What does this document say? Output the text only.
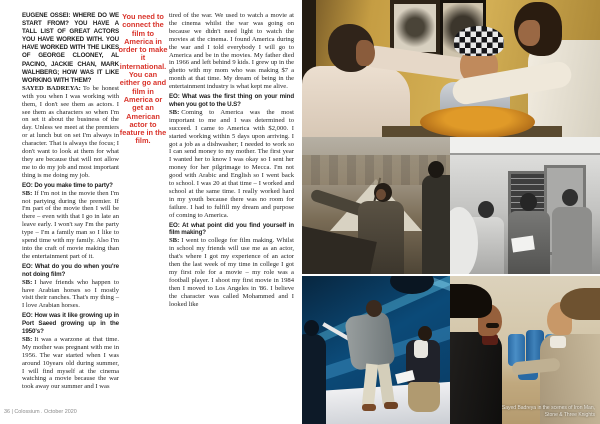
EUGENE OSSEI: WHERE DO WE START FROM? YOU HAVE A TALL LIST OF GREAT ACTORS YOU HAVE WORKED WITH. YOU HAVE WORKED WITH THE LIKES OF GEORGE CLOONEY, AL PACINO, JACKIE CHAN, MARK WALHBERG; HOW WAS IT LIKE WORKING WITH THEM?

SAYED BADREYA: To be honest with you when I was working with them, I don't see them as actors. I see them as characters so when I'm on set it about the business of the day. Unless we meet at the premiers or at lunch but on set I'm always in character. That is always the focus; I don't want to look at them for what they are because that will not allow me to do my job and most important thing is me doing my job.

EO: Do you make time to party?

SB: If I'm not in the movie then I'm not partying during the premier. If I'm part of the movie then I will be there – even with that I go in late an leave early. I won't say I'm the party type – I'm a family man so I like to spend time with my family. Also I'm into the craft of movie making than the entertainment part of it.

EO: What do you do when you're not doing film?

SB: I have friends who happen to have Arabian horses so I mostly visit their ranches. That's my thing – I love Arabian horses.

EO: How was it like growing up in Port Saeed growing up in the 1950's?

SB: It was a warzone at that time. My mother was pregnant with me in 1956. The war started when I was around 10years old during summer, I will find myself at the cinema watching a movie because the war took away our summer and I was

You need to connect the film to America in order to make it international. You can either go and film in America or get an American actor to feature in the film.

tired of the war. We used to watch a movie at the cinema whilst the war was going on because we didn't need light to watch the movies at the cinema. I found America during the war and I told everybody I will go to America and be in the movies. My father died in 1966 and left behind 9 kids. I grew up in the ghetto with my mom who was making $7 a month at that time. My dream of being in the entertainment industry is what kept me alive.

EO: What was the first thing on your mind when you got to the U.S?

SB: Coming to America was the most important to me and I was determined to succeed. I came to America with $2,000. I started working within 5 days upon arriving. I got a job as a dishwasher; I needed to work so I can send money to my mother. The first year I wanted her to know I was okay so I sent her money for her pilgrimage to Mecca. I'm not good with Arabic and English so I went back to school. I was 20 at that time – I worked and school at the same time. I really worked hard in my youth because there was no room for failure. I had to fulfill my dream and purpose of coming to America.

EO: At what point did you find yourself in film making?

SB: I went to college for film making. Whilst in school my friends will use me as an actor, that's where I got my experience of an actor then the last week of my time in college I got my first role for a movie – my role was a football player. I shoot my first movie in 1984 then I moved to Los Angeles in '86. I believe the character was called Mohammed and I looked like

36 | Colossium . October 2020
Sayed Badreya in the scenes of Iron Man,
Stone & Three Knights
